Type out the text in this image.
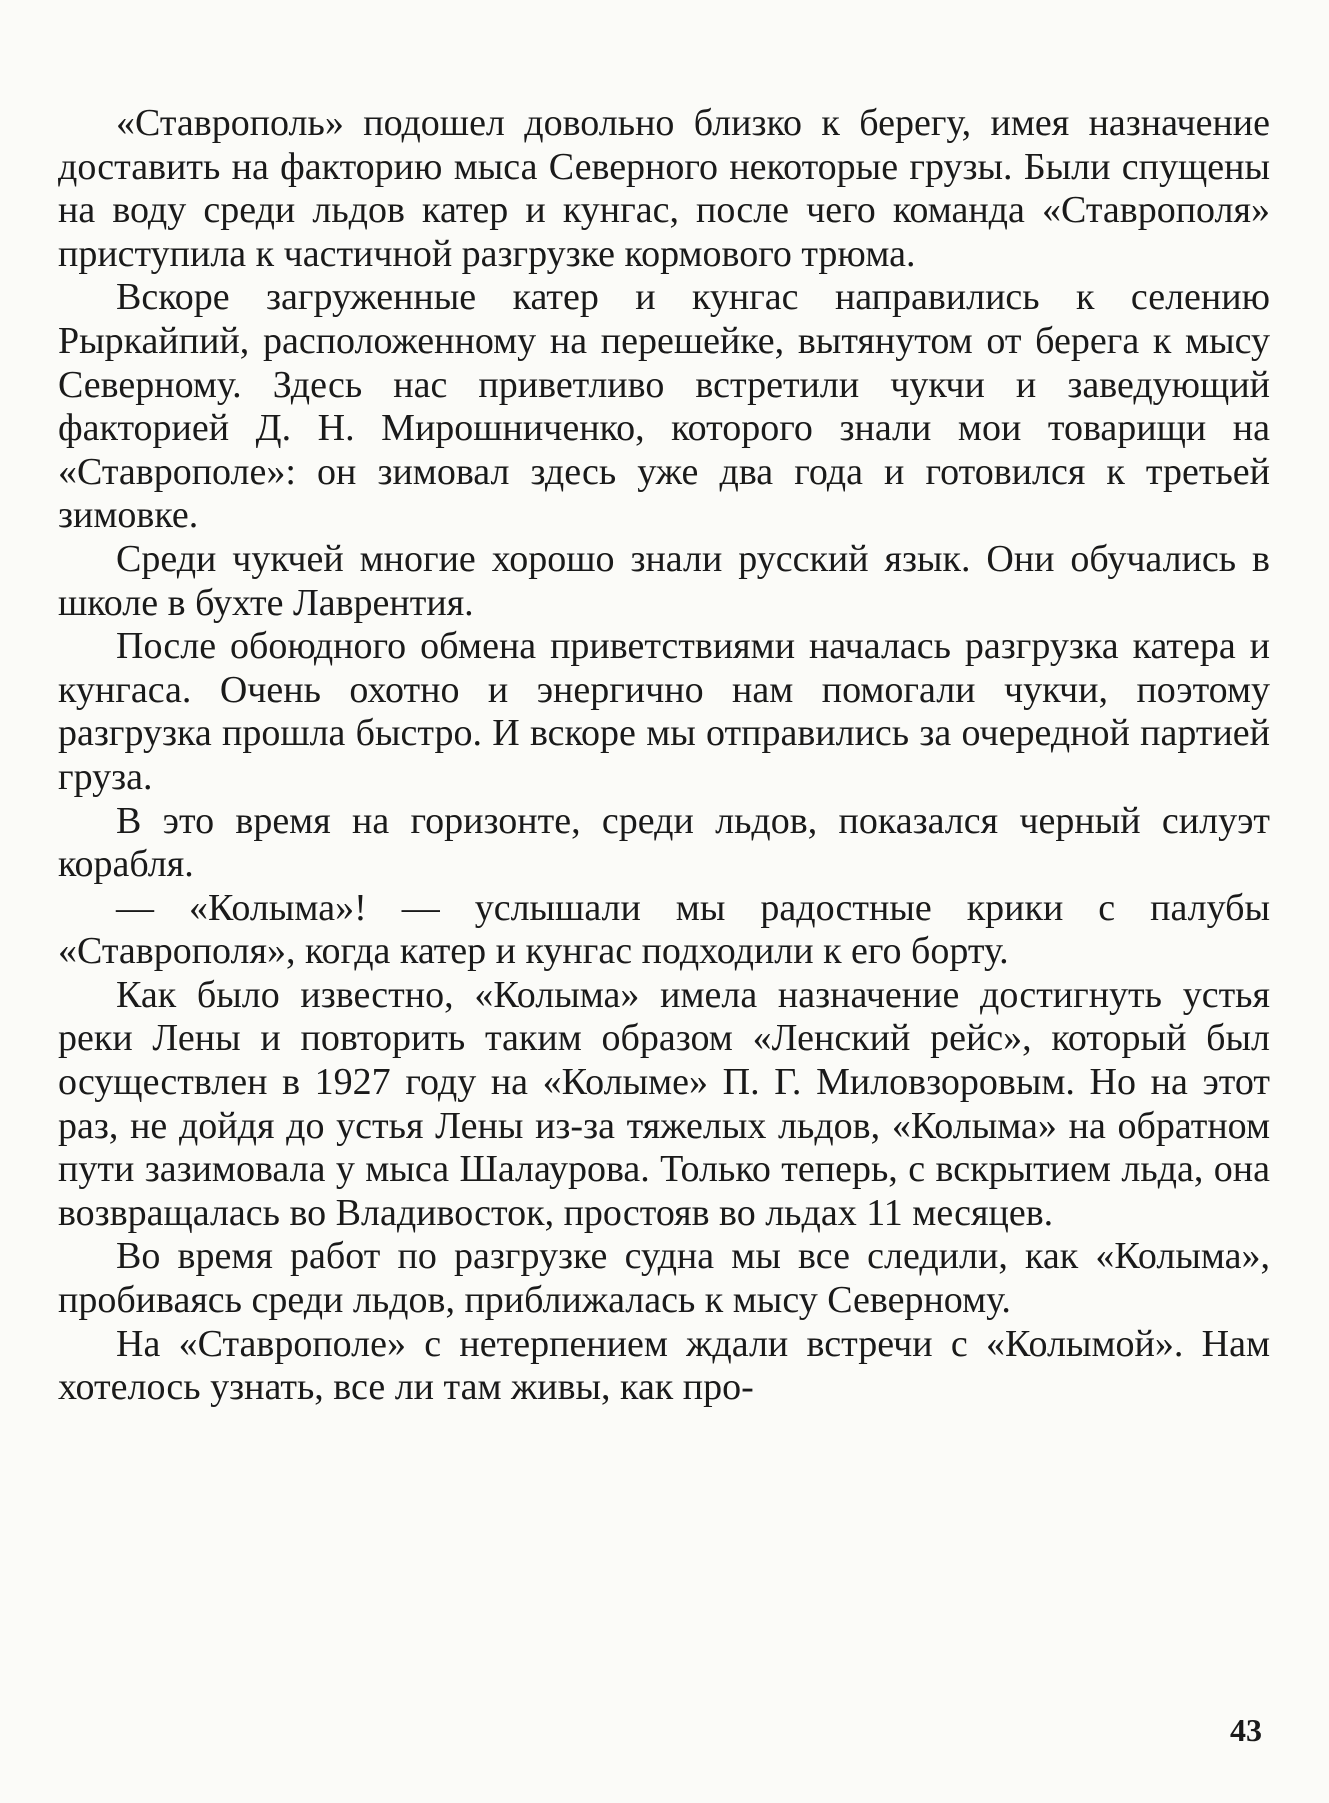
«Ставрополь» подошел довольно близко к берегу, имея назначение доставить на факторию мыса Северного некоторые грузы. Были спущены на воду среди льдов катер и кунгас, после чего команда «Ставрополя» приступила к частичной разгрузке кормового трюма.

Вскоре загруженные катер и кунгас направились к селению Рыркайпий, расположенному на перешейке, вытянутом от берега к мысу Северному. Здесь нас приветливо встретили чукчи и заведующий факторией Д. Н. Мирошниченко, которого знали мои товарищи на «Ставрополе»: он зимовал здесь уже два года и готовился к третьей зимовке.

Среди чукчей многие хорошо знали русский язык. Они обучались в школе в бухте Лаврентия.

После обоюдного обмена приветствиями началась разгрузка катера и кунгаса. Очень охотно и энергично нам помогали чукчи, поэтому разгрузка прошла быстро. И вскоре мы отправились за очередной партией груза.

В это время на горизонте, среди льдов, показался черный силуэт корабля.

— «Колыма»! — услышали мы радостные крики с палубы «Ставрополя», когда катер и кунгас подходили к его борту.

Как было известно, «Колыма» имела назначение достигнуть устья реки Лены и повторить таким образом «Ленский рейс», который был осуществлен в 1927 году на «Колыме» П. Г. Миловзоровым. Но на этот раз, не дойдя до устья Лены из-за тяжелых льдов, «Колыма» на обратном пути зазимовала у мыса Шалаурова. Только теперь, с вскрытием льда, она возвращалась во Владивосток, простояв во льдах 11 месяцев.

Во время работ по разгрузке судна мы все следили, как «Колыма», пробиваясь среди льдов, приближалась к мысу Северному.

На «Ставрополе» с нетерпением ждали встречи с «Колымой». Нам хотелось узнать, все ли там живы, как про-

43
